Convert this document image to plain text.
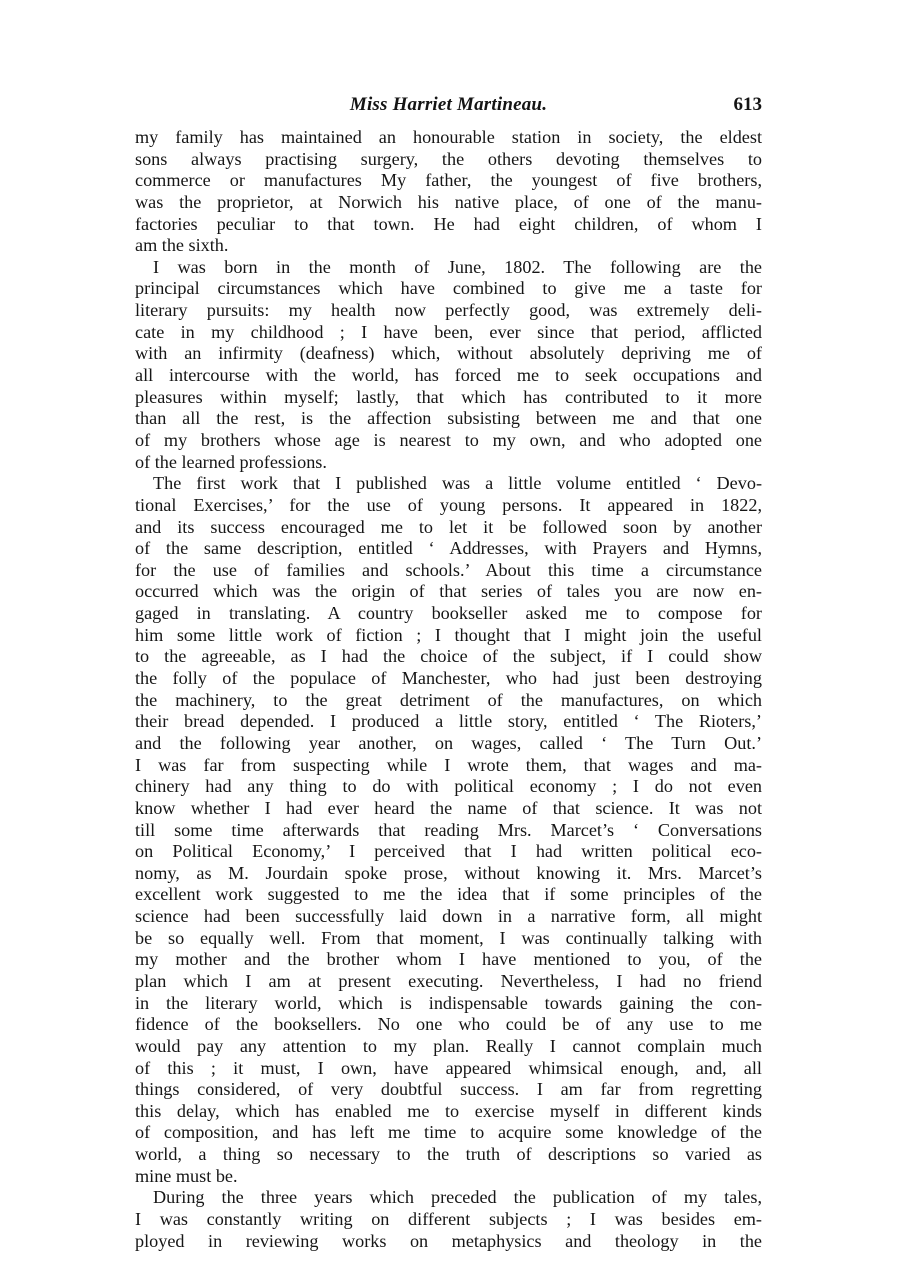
Miss Harriet Martineau.	613
my family has maintained an honourable station in society, the eldest
sons always practising surgery, the others devoting themselves to
commerce or manufactures My father, the youngest of five brothers,
was the proprietor, at Norwich his native place, of one of the manu-
factories peculiar to that town. He had eight children, of whom I
am the sixth.
I was born in the month of June, 1802. The following are the
principal circumstances which have combined to give me a taste for
literary pursuits: my health now perfectly good, was extremely deli-
cate in my childhood ; I have been, ever since that period, afflicted
with an infirmity (deafness) which, without absolutely depriving me of
all intercourse with the world, has forced me to seek occupations and
pleasures within myself; lastly, that which has contributed to it more
than all the rest, is the affection subsisting between me and that one
of my brothers whose age is nearest to my own, and who adopted one
of the learned professions.
The first work that I published was a little volume entitled ‘ Devo-
tional Exercises,’ for the use of young persons. It appeared in 1822,
and its success encouraged me to let it be followed soon by another
of the same description, entitled ‘ Addresses, with Prayers and Hymns,
for the use of families and schools.’ About this time a circumstance
occurred which was the origin of that series of tales you are now en-
gaged in translating. A country bookseller asked me to compose for
him some little work of fiction ; I thought that I might join the useful
to the agreeable, as I had the choice of the subject, if I could show
the folly of the populace of Manchester, who had just been destroying
the machinery, to the great detriment of the manufactures, on which
their bread depended. I produced a little story, entitled ‘ The Rioters,’
and the following year another, on wages, called ‘ The Turn Out.’
I was far from suspecting while I wrote them, that wages and ma-
chinery had any thing to do with political economy ; I do not even
know whether I had ever heard the name of that science. It was not
till some time afterwards that reading Mrs. Marcet’s ‘ Conversations
on Political Economy,’ I perceived that I had written political eco-
nomy, as M. Jourdain spoke prose, without knowing it. Mrs. Marcet’s
excellent work suggested to me the idea that if some principles of the
science had been successfully laid down in a narrative form, all might
be so equally well. From that moment, I was continually talking with
my mother and the brother whom I have mentioned to you, of the
plan which I am at present executing. Nevertheless, I had no friend
in the literary world, which is indispensable towards gaining the con-
fidence of the booksellers. No one who could be of any use to me
would pay any attention to my plan. Really I cannot complain much
of this ; it must, I own, have appeared whimsical enough, and, all
things considered, of very doubtful success. I am far from regretting
this delay, which has enabled me to exercise myself in different kinds
of composition, and has left me time to acquire some knowledge of the
world, a thing so necessary to the truth of descriptions so varied as
mine must be.
During the three years which preceded the publication of my tales,
I was constantly writing on different subjects ; I was besides em-
ployed in reviewing works on metaphysics and theology in the
